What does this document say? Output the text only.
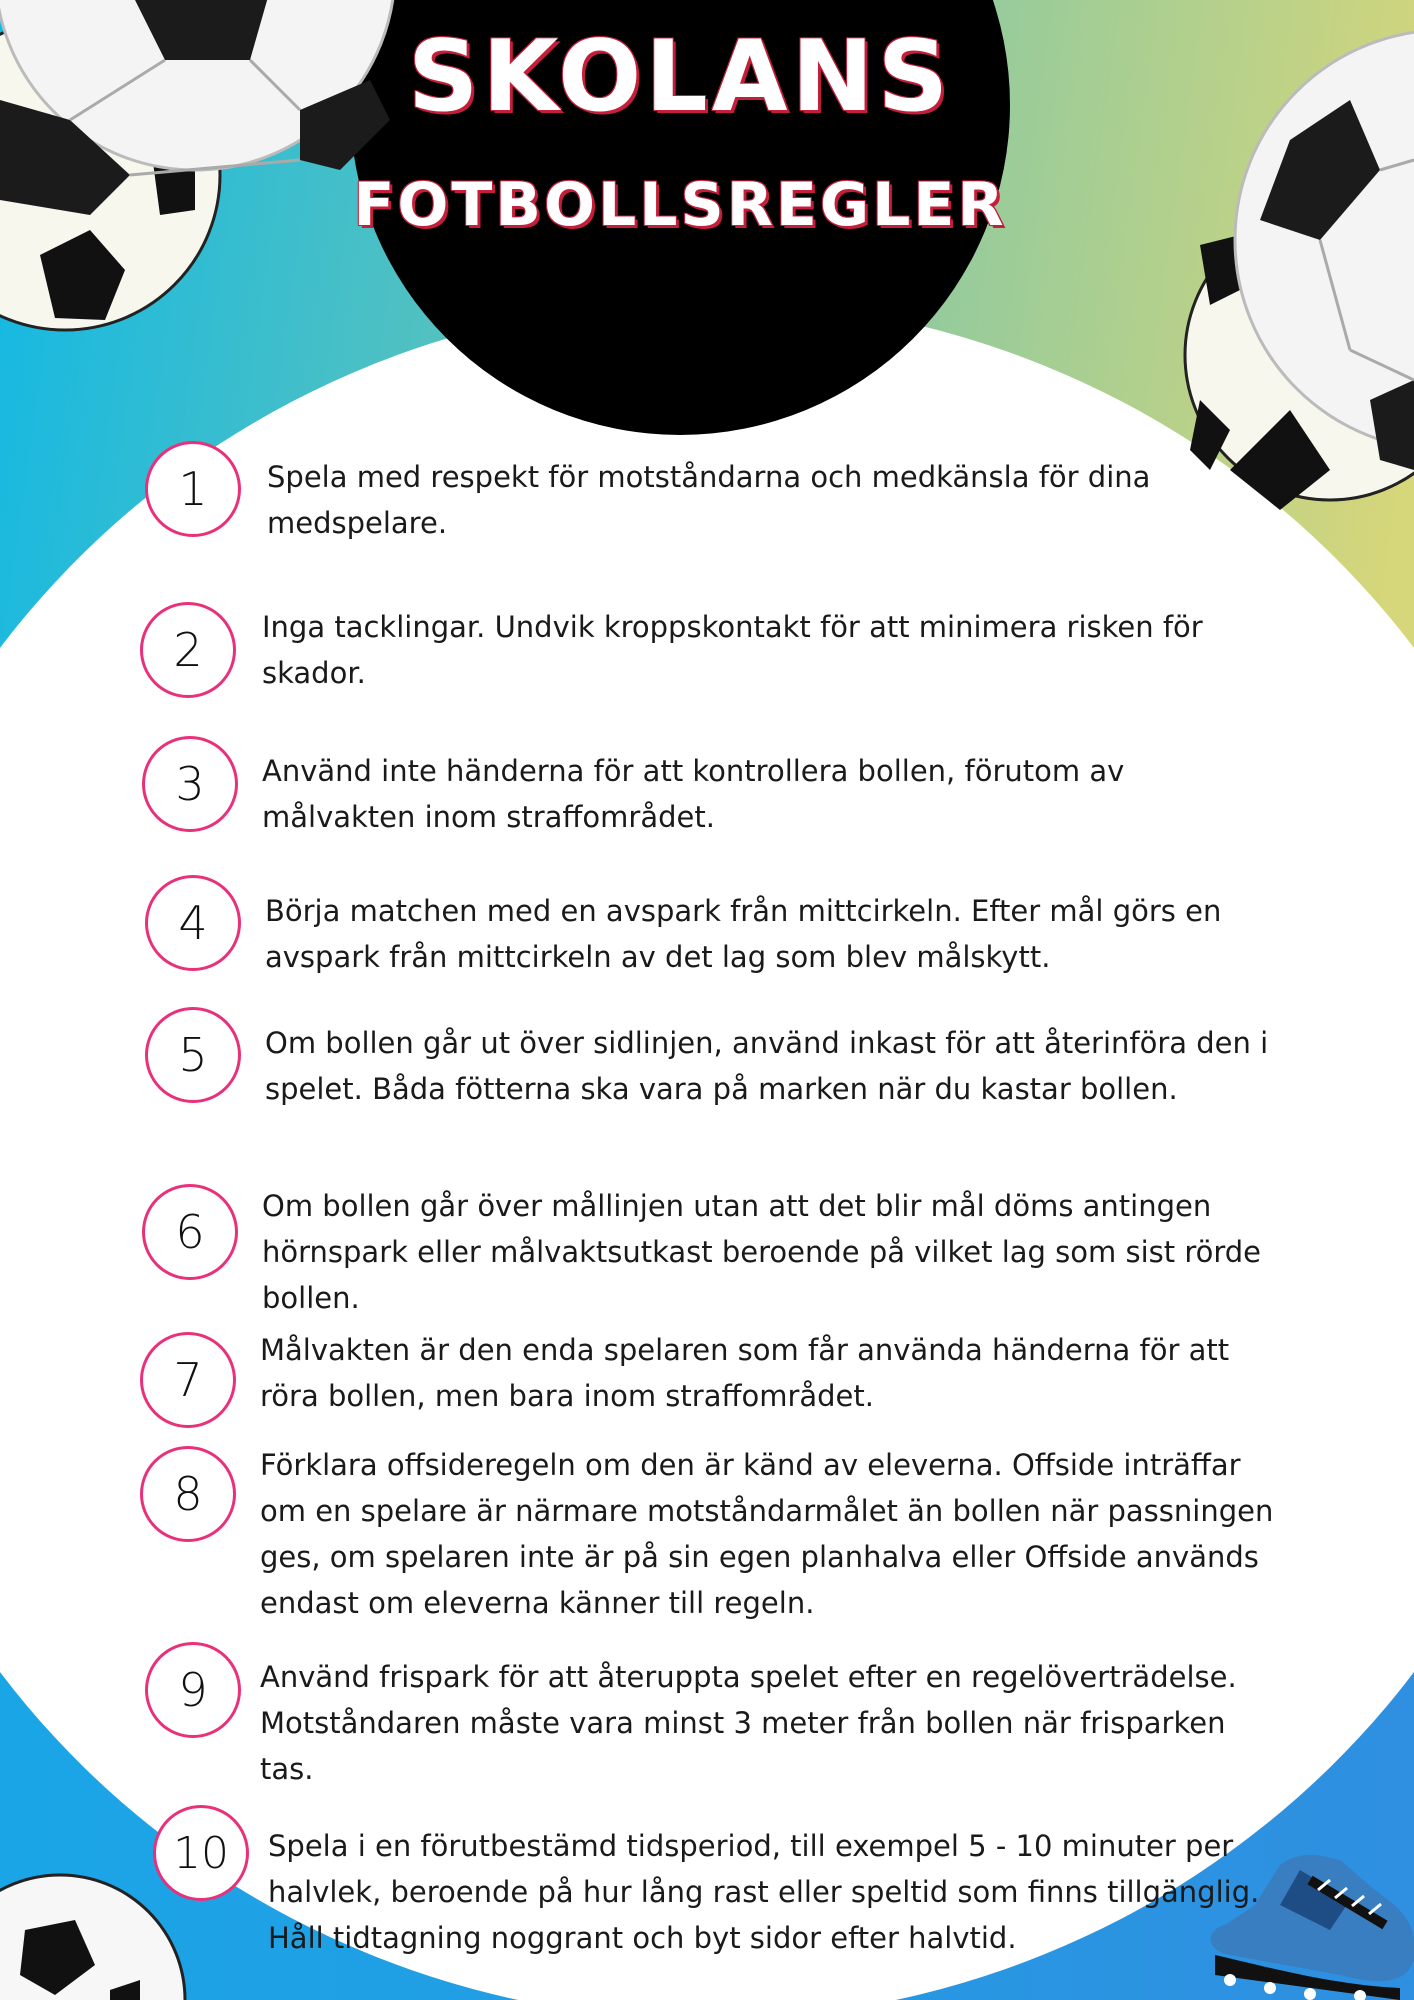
SKOLANS
FOTBOLLSREGLER
1	Spela med respekt för motståndarna och medkänsla för dina medspelare.
2	Inga tacklingar. Undvik kroppskontakt för att minimera risken för skador.
3	Använd inte händerna för att kontrollera bollen, förutom av målvakten inom straffområdet.
4	Börja matchen med en avspark från mittcirkeln. Efter mål görs en avspark från mittcirkeln av det lag som blev målskytt.
5	Om bollen går ut över sidlinjen, använd inkast för att återinföra den i spelet. Båda fötterna ska vara på marken när du kastar bollen.
6	Om bollen går över mållinjen utan att det blir mål döms antingen hörnspark eller målvaktsutkast beroende på vilket lag som sist rörde bollen.
7
Målvakten är den enda spelaren som får använda händerna för att röra bollen, men bara inom straffområdet.
8
Förklara offsideregeln om den är känd av eleverna. Offside inträffar om en spelare är närmare motståndarmålet än bollen när passningen ges, om spelaren inte är på sin egen planhalva eller Offside används endast om eleverna känner till regeln.
9	Använd frispark för att återuppta spelet efter en regelöverträdelse. Motståndaren måste vara minst 3 meter från bollen när frisparken tas.
10	Spela i en förutbestämd tidsperiod, till exempel 5 - 10 minuter per halvlek, beroende på hur lång rast eller speltid som finns tillgänglig. Håll tidtagning noggrant och byt sidor efter halvtid.
